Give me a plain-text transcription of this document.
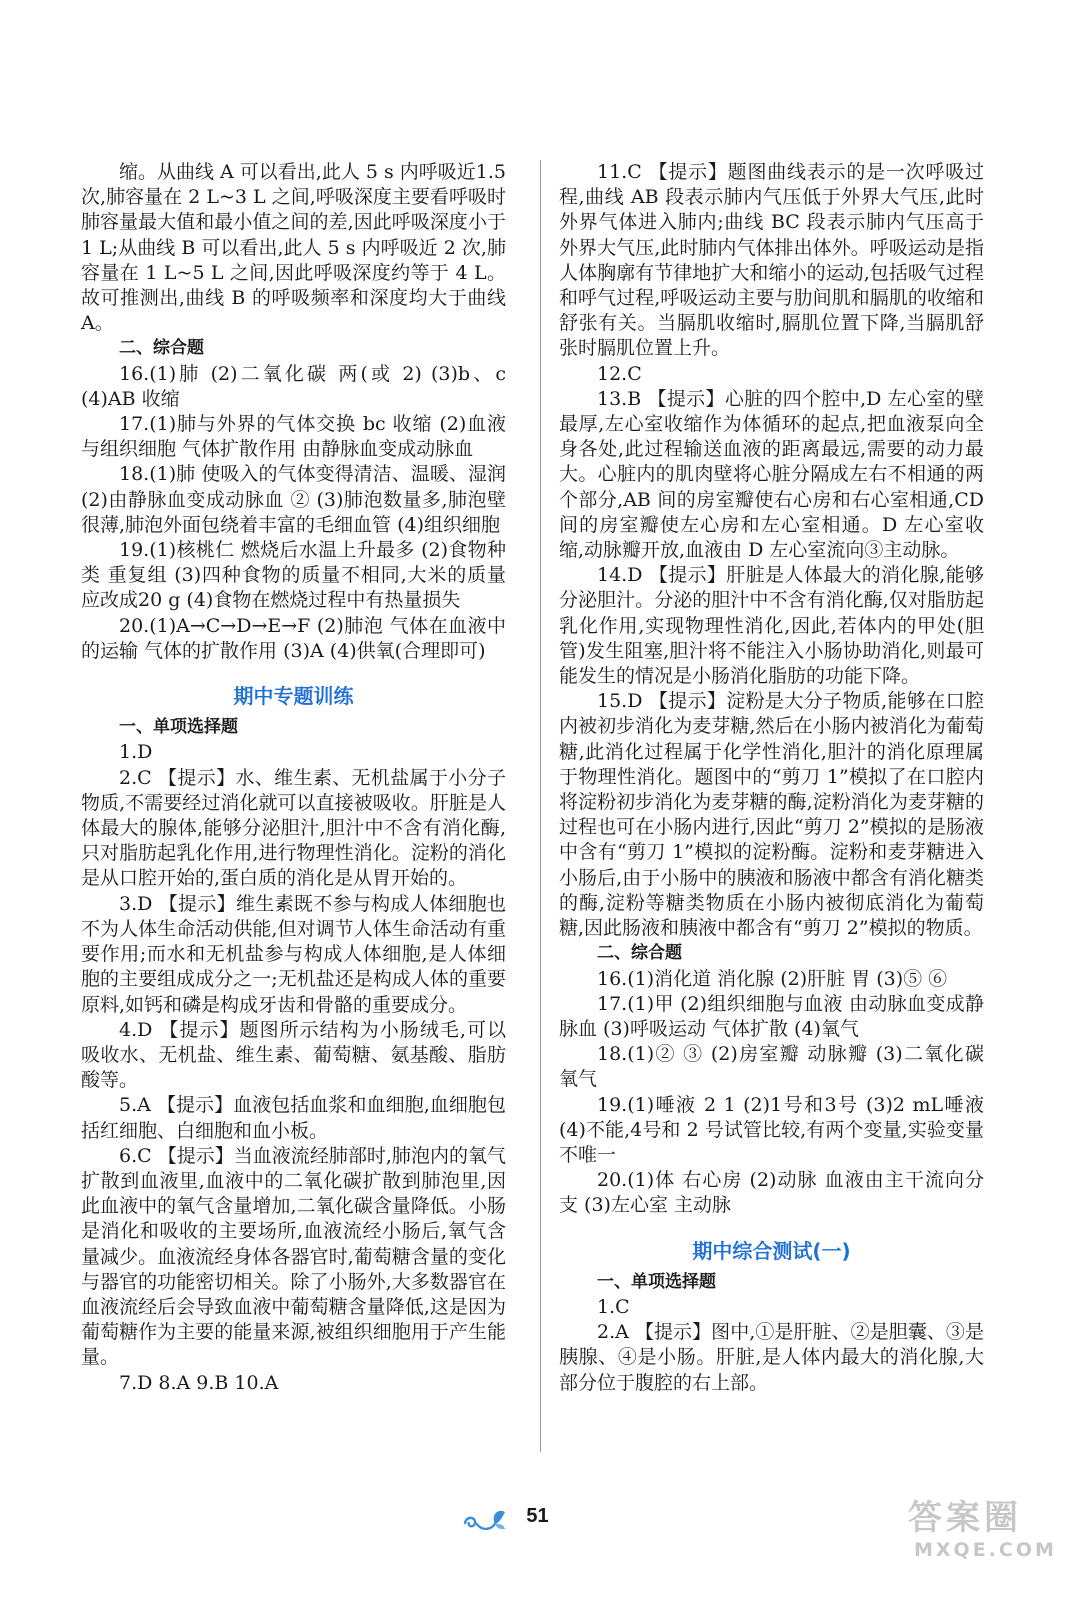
缩。从曲线 A 可以看出,此人 5 s 内呼吸近1.5 次,肺容量在 2 L~3 L 之间,呼吸深度主要看呼吸时肺容量最大值和最小值之间的差,因此呼吸深度小于 1 L;从曲线 B 可以看出,此人 5 s 内呼吸近 2 次,肺容量在 1 L~5 L 之间,因此呼吸深度约等于 4 L。故可推测出,曲线 B 的呼吸频率和深度均大于曲线 A。

二、综合题

16.(1)肺 (2)二氧化碳 两(或 2) (3)b、c (4)AB 收缩

17.(1)肺与外界的气体交换 bc 收缩 (2)血液与组织细胞 气体扩散作用 由静脉血变成动脉血

18.(1)肺 使吸入的气体变得清洁、温暖、湿润 (2)由静脉血变成动脉血 ② (3)肺泡数量多,肺泡壁很薄,肺泡外面包绕着丰富的毛细血管 (4)组织细胞

19.(1)核桃仁 燃烧后水温上升最多 (2)食物种类 重复组 (3)四种食物的质量不相同,大米的质量应改成20 g (4)食物在燃烧过程中有热量损失

20.(1)A→C→D→E→F (2)肺泡 气体在血液中的运输 气体的扩散作用 (3)A (4)供氧(合理即可)

期中专题训练

一、单项选择题

1.D

2.C 【提示】水、维生素、无机盐属于小分子物质,不需要经过消化就可以直接被吸收。肝脏是人体最大的腺体,能够分泌胆汁,胆汁中不含有消化酶,只对脂肪起乳化作用,进行物理性消化。淀粉的消化是从口腔开始的,蛋白质的消化是从胃开始的。

3.D 【提示】维生素既不参与构成人体细胞也不为人体生命活动供能,但对调节人体生命活动有重要作用;而水和无机盐参与构成人体细胞,是人体细胞的主要组成成分之一;无机盐还是构成人体的重要原料,如钙和磷是构成牙齿和骨骼的重要成分。

4.D 【提示】题图所示结构为小肠绒毛,可以吸收水、无机盐、维生素、葡萄糖、氨基酸、脂肪酸等。

5.A 【提示】血液包括血浆和血细胞,血细胞包括红细胞、白细胞和血小板。

6.C 【提示】当血液流经肺部时,肺泡内的氧气扩散到血液里,血液中的二氧化碳扩散到肺泡里,因此血液中的氧气含量增加,二氧化碳含量降低。小肠是消化和吸收的主要场所,血液流经小肠后,氧气含量减少。血液流经身体各器官时,葡萄糖含量的变化与器官的功能密切相关。除了小肠外,大多数器官在血液流经后会导致血液中葡萄糖含量降低,这是因为葡萄糖作为主要的能量来源,被组织细胞用于产生能量。

7.D 8.A 9.B 10.A

11.C 【提示】题图曲线表示的是一次呼吸过程,曲线 AB 段表示肺内气压低于外界大气压,此时外界气体进入肺内;曲线 BC 段表示肺内气压高于外界大气压,此时肺内气体排出体外。呼吸运动是指人体胸廓有节律地扩大和缩小的运动,包括吸气过程和呼气过程,呼吸运动主要与肋间肌和膈肌的收缩和舒张有关。当膈肌收缩时,膈肌位置下降,当膈肌舒张时膈肌位置上升。

12.C

13.B 【提示】心脏的四个腔中,D 左心室的壁最厚,左心室收缩作为体循环的起点,把血液泵向全身各处,此过程输送血液的距离最远,需要的动力最大。心脏内的肌肉壁将心脏分隔成左右不相通的两个部分,AB 间的房室瓣使右心房和右心室相通,CD 间的房室瓣使左心房和左心室相通。D 左心室收缩,动脉瓣开放,血液由 D 左心室流向③主动脉。

14.D 【提示】肝脏是人体最大的消化腺,能够分泌胆汁。分泌的胆汁中不含有消化酶,仅对脂肪起乳化作用,实现物理性消化,因此,若体内的甲处(胆管)发生阻塞,胆汁将不能注入小肠协助消化,则最可能发生的情况是小肠消化脂肪的功能下降。

15.D 【提示】淀粉是大分子物质,能够在口腔内被初步消化为麦芽糖,然后在小肠内被消化为葡萄糖,此消化过程属于化学性消化,胆汁的消化原理属于物理性消化。题图中的“剪刀 1”模拟了在口腔内将淀粉初步消化为麦芽糖的酶,淀粉消化为麦芽糖的过程也可在小肠内进行,因此“剪刀 2”模拟的是肠液中含有“剪刀 1”模拟的淀粉酶。淀粉和麦芽糖进入小肠后,由于小肠中的胰液和肠液中都含有消化糖类的酶,淀粉等糖类物质在小肠内被彻底消化为葡萄糖,因此肠液和胰液中都含有“剪刀 2”模拟的物质。

二、综合题

16.(1)消化道 消化腺 (2)肝脏 胃 (3)⑤ ⑥

17.(1)甲 (2)组织细胞与血液 由动脉血变成静脉血 (3)呼吸运动 气体扩散 (4)氧气

18.(1)② ③ (2)房室瓣 动脉瓣 (3)二氧化碳 氧气

19.(1)唾液 2 1 (2)1号和3号 (3)2 mL唾液 (4)不能,4号和 2 号试管比较,有两个变量,实验变量不唯一

20.(1)体 右心房 (2)动脉 血液由主干流向分支 (3)左心室 主动脉

期中综合测试(一)

一、单项选择题

1.C

2.A 【提示】图中,①是肝脏、②是胆囊、③是胰腺、④是小肠。肝脏,是人体内最大的消化腺,大部分位于腹腔的右上部。

51	答案圈
MXQE.COM
